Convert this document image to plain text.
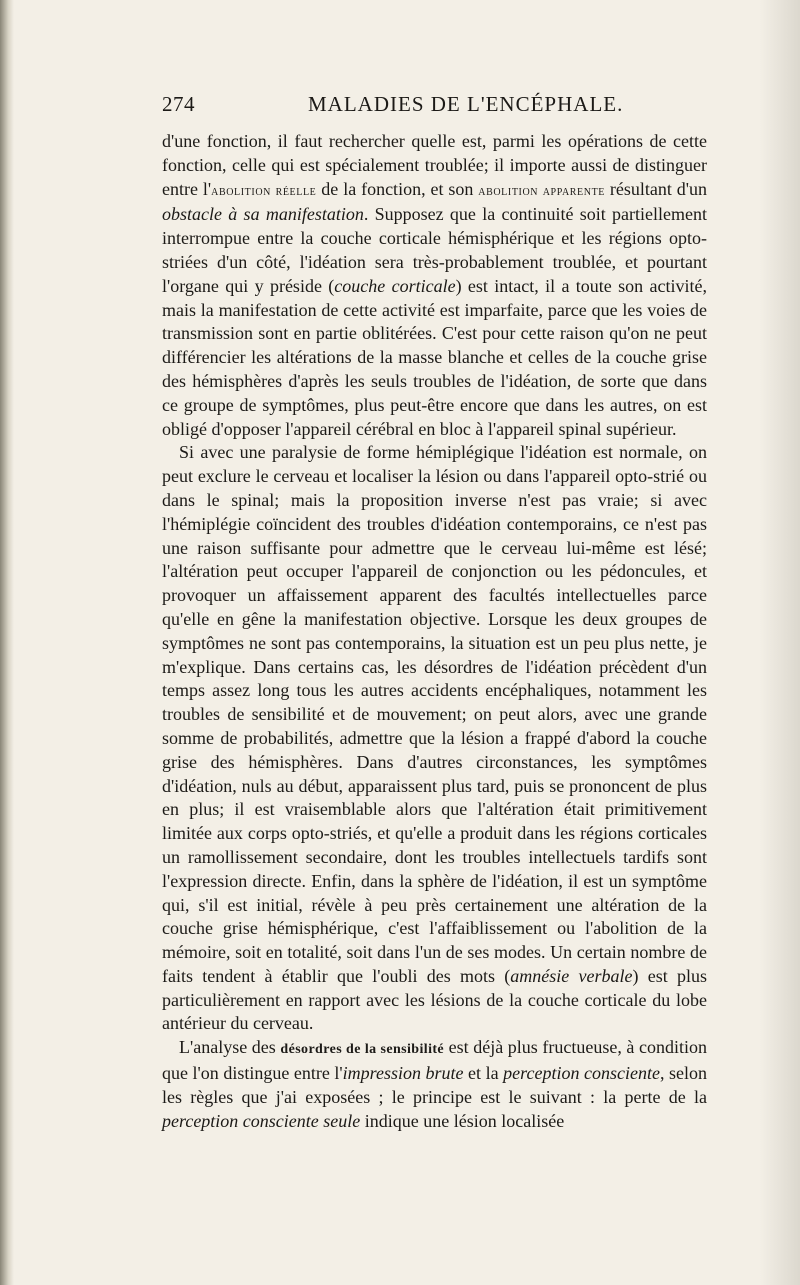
274	MALADIES DE L'ENCÉPHALE.

d'une fonction, il faut rechercher quelle est, parmi les opérations de cette fonction, celle qui est spécialement troublée; il importe aussi de distinguer entre l'abolition réelle de la fonction, et son abolition apparente résultant d'un obstacle à sa manifestation. Supposez que la continuité soit partiellement interrompue entre la couche corticale hémisphérique et les régions opto-striées d'un côté, l'idéation sera très-probablement troublée, et pourtant l'organe qui y préside (couche corticale) est intact, il a toute son activité, mais la manifestation de cette activité est imparfaite, parce que les voies de transmission sont en partie oblitérées. C'est pour cette raison qu'on ne peut différencier les altérations de la masse blanche et celles de la couche grise des hémisphères d'après les seuls troubles de l'idéation, de sorte que dans ce groupe de symptômes, plus peut-être encore que dans les autres, on est obligé d'opposer l'appareil cérébral en bloc à l'appareil spinal supérieur.

Si avec une paralysie de forme hémiplégique l'idéation est normale, on peut exclure le cerveau et localiser la lésion ou dans l'appareil opto-strié ou dans le spinal; mais la proposition inverse n'est pas vraie; si avec l'hémiplégie coïncident des troubles d'idéation contemporains, ce n'est pas une raison suffisante pour admettre que le cerveau lui-même est lésé; l'altération peut occuper l'appareil de conjonction ou les pédoncules, et provoquer un affaissement apparent des facultés intellectuelles parce qu'elle en gêne la manifestation objective. Lorsque les deux groupes de symptômes ne sont pas contemporains, la situation est un peu plus nette, je m'explique. Dans certains cas, les désordres de l'idéation précèdent d'un temps assez long tous les autres accidents encéphaliques, notamment les troubles de sensibilité et de mouvement; on peut alors, avec une grande somme de probabilités, admettre que la lésion a frappé d'abord la couche grise des hémisphères. Dans d'autres circonstances, les symptômes d'idéation, nuls au début, apparaissent plus tard, puis se prononcent de plus en plus; il est vraisemblable alors que l'altération était primitivement limitée aux corps opto-striés, et qu'elle a produit dans les régions corticales un ramollissement secondaire, dont les troubles intellectuels tardifs sont l'expression directe. Enfin, dans la sphère de l'idéation, il est un symptôme qui, s'il est initial, révèle à peu près certainement une altération de la couche grise hémisphérique, c'est l'affaiblissement ou l'abolition de la mémoire, soit en totalité, soit dans l'un de ses modes. Un certain nombre de faits tendent à établir que l'oubli des mots (amnésie verbale) est plus particulièrement en rapport avec les lésions de la couche corticale du lobe antérieur du cerveau.

L'analyse des désordres de la sensibilité est déjà plus fructueuse, à condition que l'on distingue entre l'impression brute et la perception consciente, selon les règles que j'ai exposées ; le principe est le suivant : la perte de la perception consciente seule indique une lésion localisée
